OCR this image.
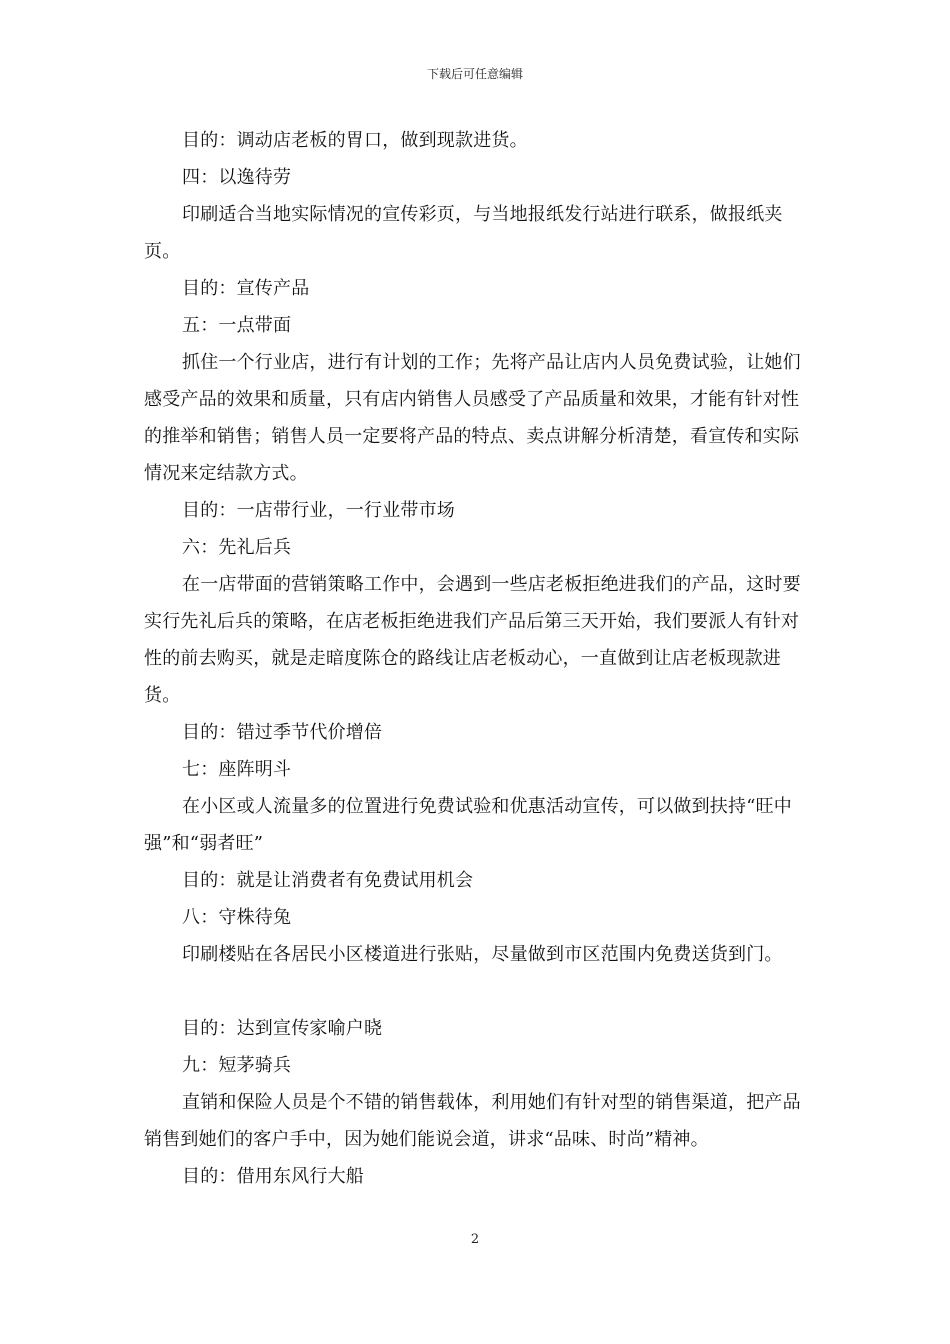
下载后可任意编辑

目的：调动店老板的胃口，做到现款进货。

四：以逸待劳

印刷适合当地实际情况的宣传彩页，与当地报纸发行站进行联系，做报纸夹页。

目的：宣传产品

五：一点带面

抓住一个行业店，进行有计划的工作；先将产品让店内人员免费试验，让她们感受产品的效果和质量，只有店内销售人员感受了产品质量和效果，才能有针对性的推举和销售；销售人员一定要将产品的特点、卖点讲解分析清楚，看宣传和实际情况来定结款方式。

目的：一店带行业，一行业带市场

六：先礼后兵

在一店带面的营销策略工作中，会遇到一些店老板拒绝进我们的产品，这时要实行先礼后兵的策略，在店老板拒绝进我们产品后第三天开始，我们要派人有针对性的前去购买，就是走暗度陈仓的路线让店老板动心，一直做到让店老板现款进货。

目的：错过季节代价增倍

七：座阵明斗

在小区或人流量多的位置进行免费试验和优惠活动宣传，可以做到扶持“旺中强”和“弱者旺”

目的：就是让消费者有免费试用机会

八：守株待兔

印刷楼贴在各居民小区楼道进行张贴，尽量做到市区范围内免费送货到门。

目的：达到宣传家喻户晓

九：短茅骑兵

直销和保险人员是个不错的销售载体，利用她们有针对型的销售渠道，把产品销售到她们的客户手中，因为她们能说会道，讲求“品味、时尚”精神。

目的：借用东风行大船

2
